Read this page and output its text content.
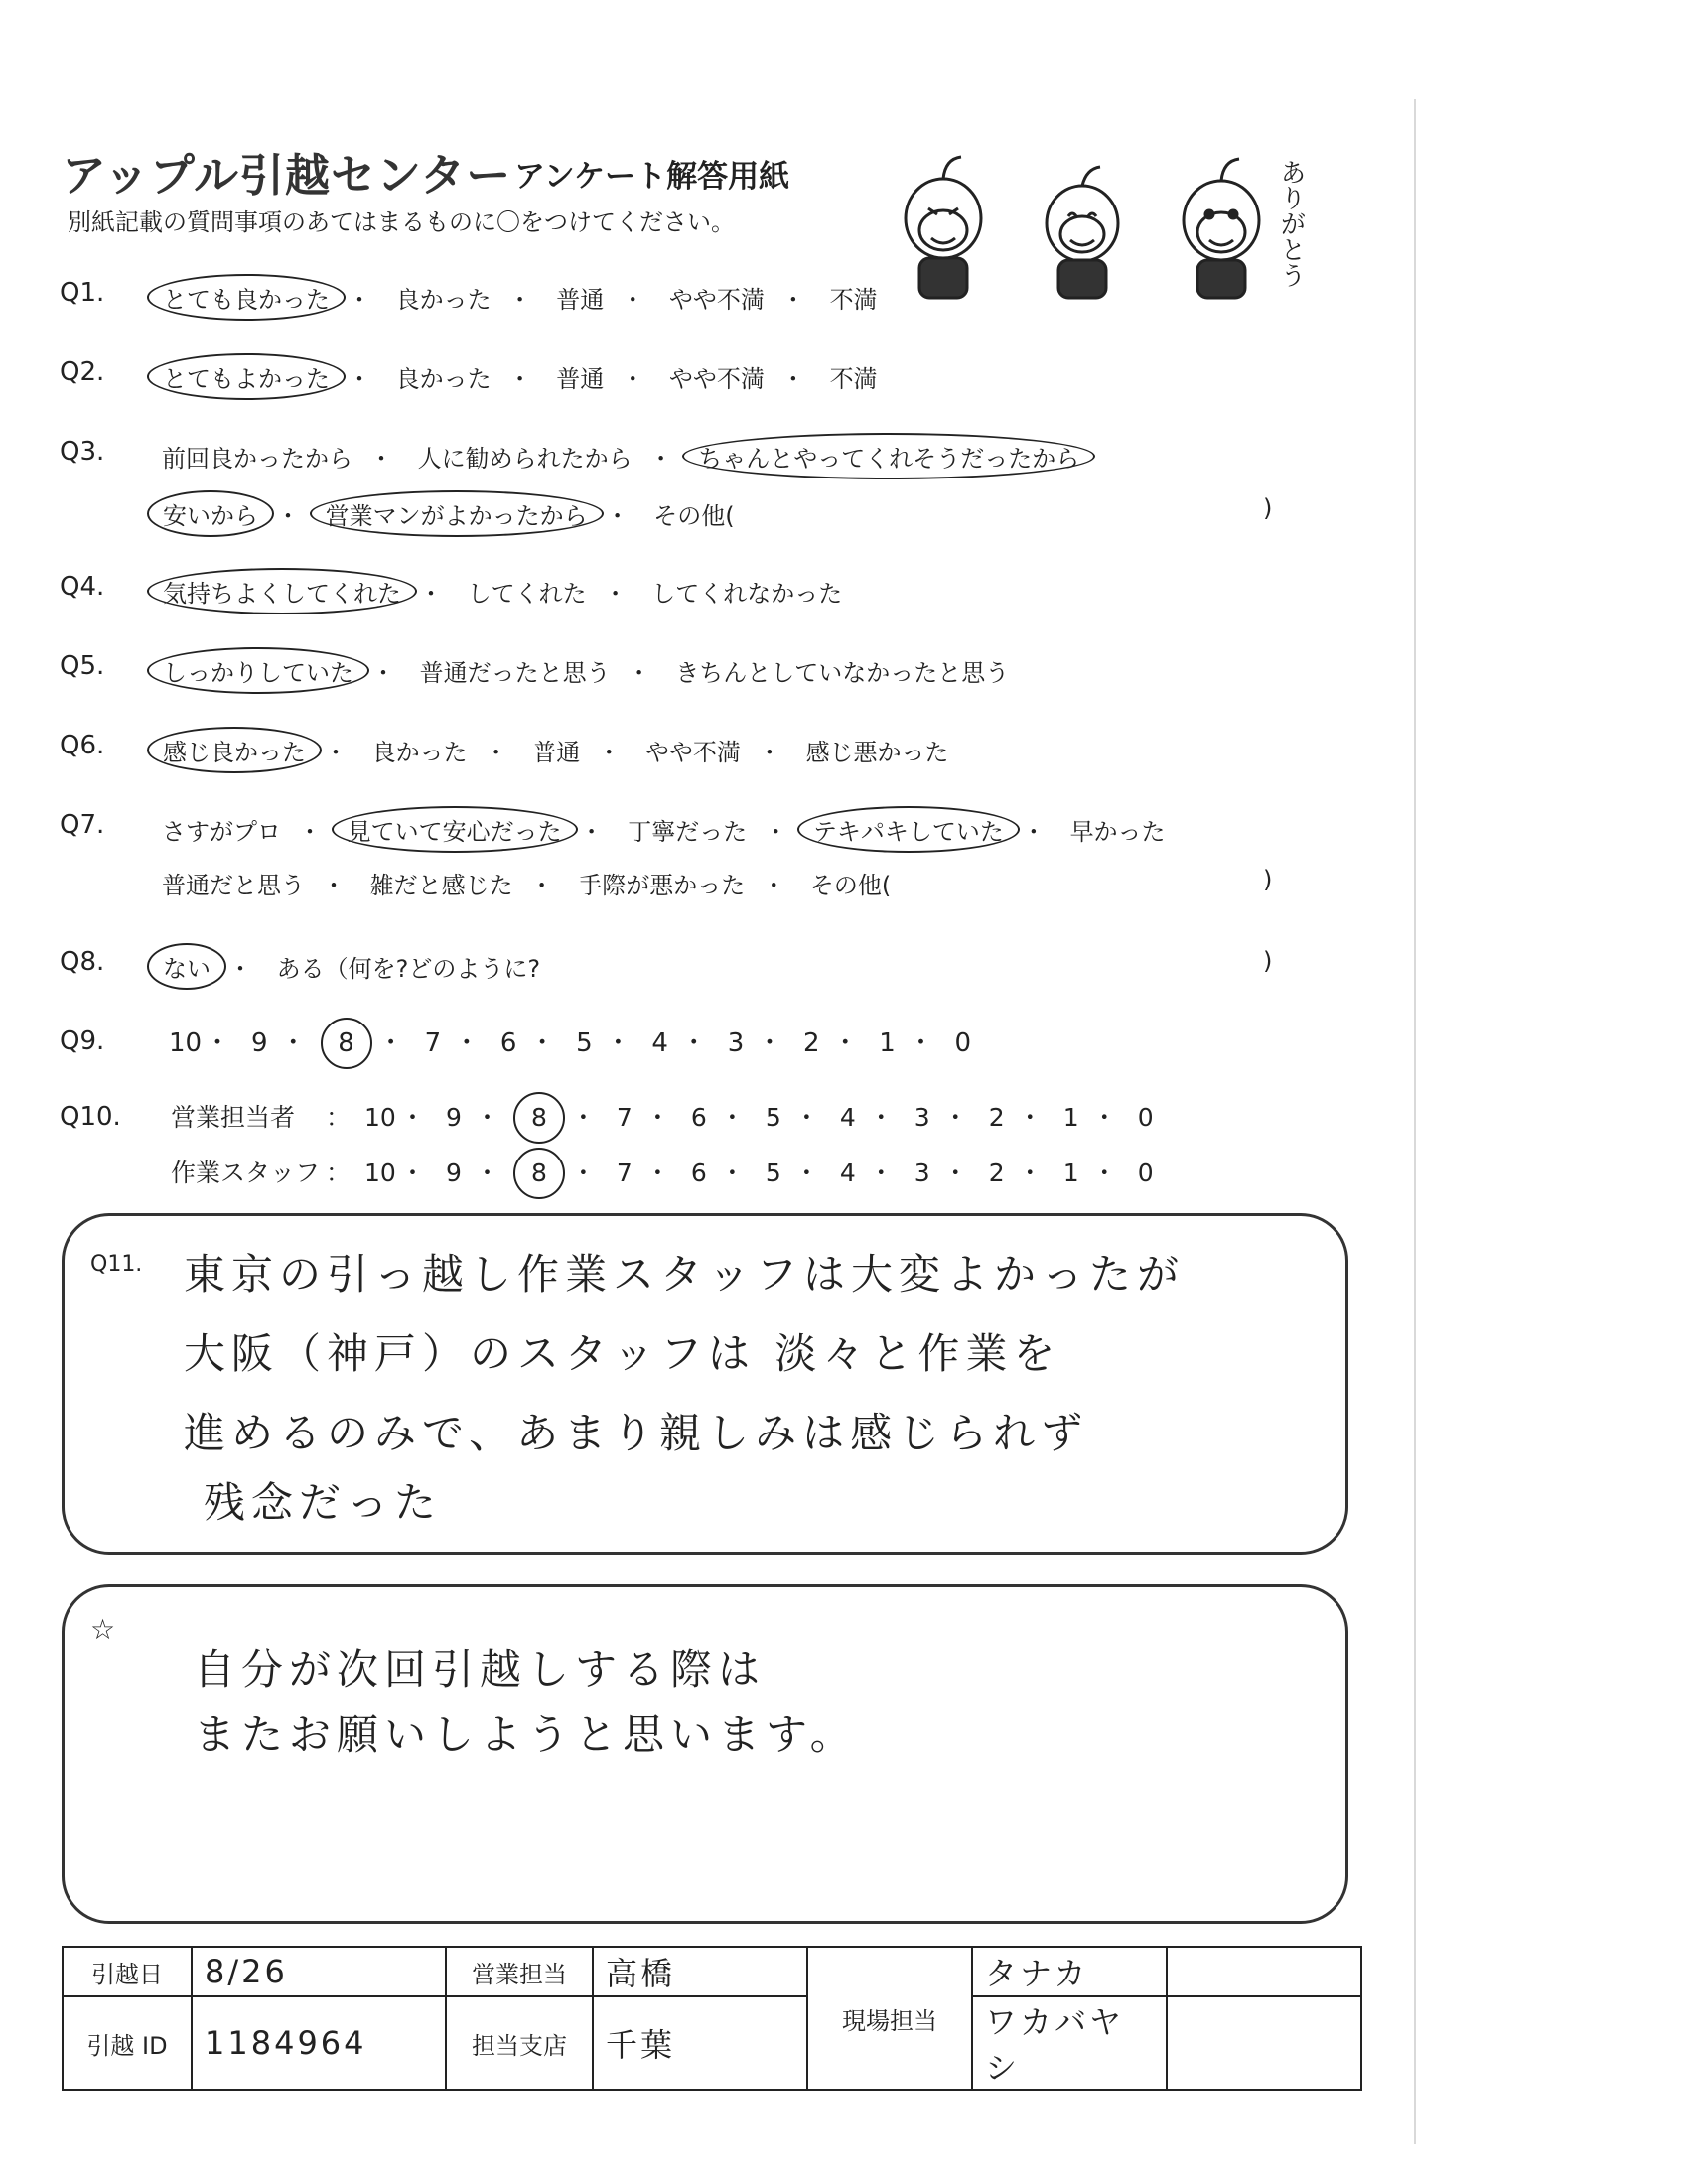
アップル引越センター アンケート解答用紙
別紙記載の質問事項のあてはまるものに〇をつけてください。	ありがとう
Q1.	とても良かった ・ 良かった ・ 普通 ・ やや不満 ・ 不満
Q2.	とてもよかった ・ 良かった ・ 普通 ・ やや不満 ・ 不満
Q3.	前回良かったから ・ 人に勧められたから ・ ちゃんとやってくれそうだったから
安いから ・ 営業マンがよかったから ・ その他(	)
Q4.	気持ちよくしてくれた ・ してくれた ・ してくれなかった
Q5.	しっかりしていた ・ 普通だったと思う ・ きちんとしていなかったと思う
Q6.	感じ良かった ・ 良かった ・ 普通 ・ やや不満 ・ 感じ悪かった
Q7.	さすがプロ ・ 見ていて安心だった ・ 丁寧だった ・ テキパキしていた ・ 早かった
普通だと思う ・ 雑だと感じた ・ 手際が悪かった ・ その他(	)
Q8.	ない ・ ある（何を?どのように?	)
Q9. 10 ・ 9 ・ 8 ・ 7 ・ 6 ・ 5 ・ 4 ・ 3 ・ 2 ・ 1 ・ 0
Q10. 営業担当者 ： 10 ・ 9 ・ 8 ・ 7 ・ 6 ・ 5 ・ 4 ・ 3 ・ 2 ・ 1 ・ 0
作業スタッフ ： 10 ・ 9 ・ 8 ・ 7 ・ 6 ・ 5 ・ 4 ・ 3 ・ 2 ・ 1 ・ 0
Q11. 東京の引っ越し作業スタッフは大変よかったが
大阪（神戸）のスタッフは 淡々と作業を
進めるのみで、あまり親しみは感じられず
残念だった
☆
自分が次回引越しする際は
またお願いしようと思います。
引越日	8/26	営業担当	高橋	現場担当	タナカ	
引越 ID	1184964	担当支店	千葉		ワカバヤシ	
